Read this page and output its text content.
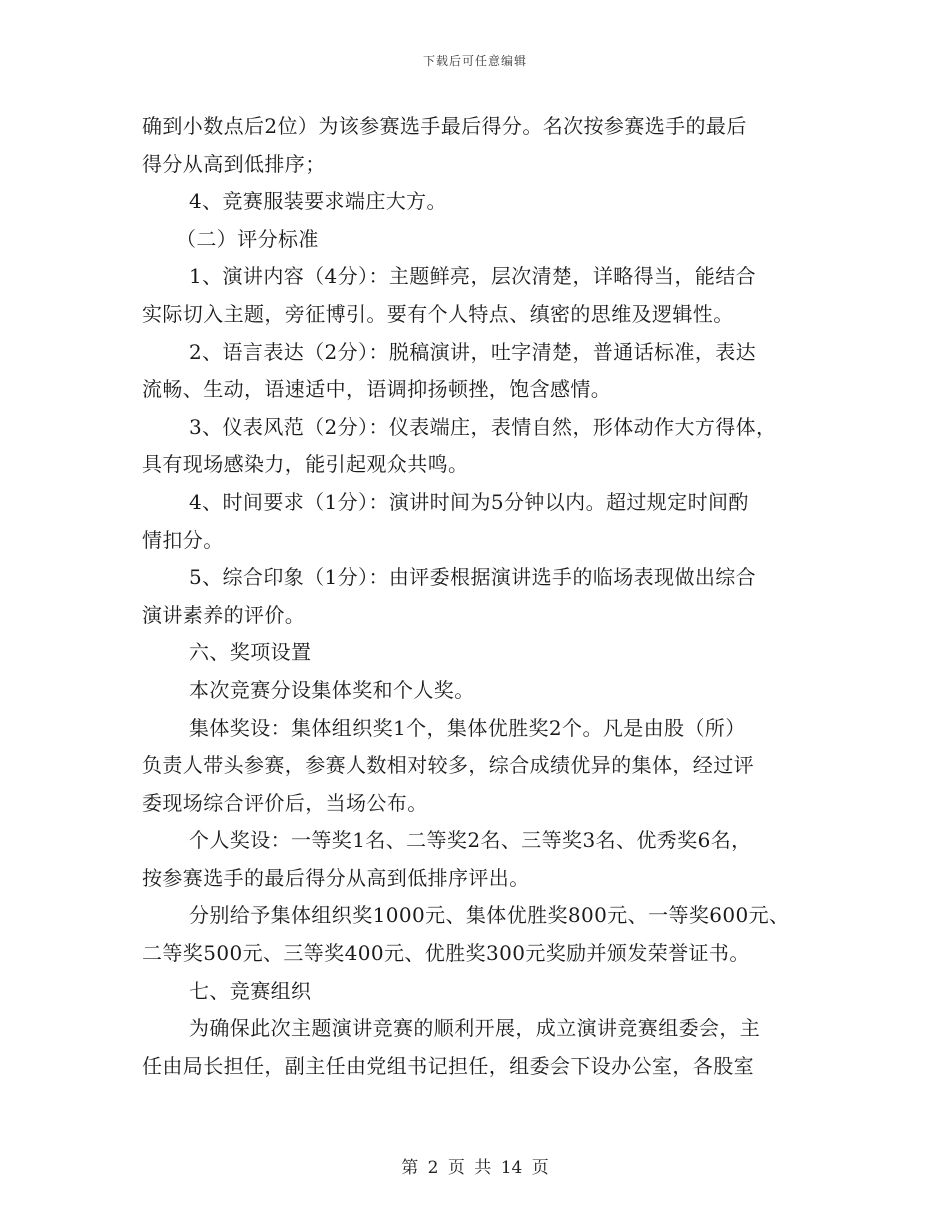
下载后可任意编辑
确到小数点后2位）为该参赛选手最后得分。名次按参赛选手的最后
得分从高到低排序；
4、竞赛服装要求端庄大方。
（二）评分标准
1、演讲内容（4分）：主题鲜亮，层次清楚，详略得当，能结合
实际切入主题，旁征博引。要有个人特点、缜密的思维及逻辑性。
2、语言表达（2分）：脱稿演讲，吐字清楚，普通话标准，表达
流畅、生动，语速适中，语调抑扬顿挫，饱含感情。
3、仪表风范（2分）：仪表端庄，表情自然，形体动作大方得体，
具有现场感染力，能引起观众共鸣。
4、时间要求（1分）：演讲时间为5分钟以内。超过规定时间酌
情扣分。
5、综合印象（1分）：由评委根据演讲选手的临场表现做出综合
演讲素养的评价。
六、奖项设置
本次竞赛分设集体奖和个人奖。
集体奖设：集体组织奖1个，集体优胜奖2个。凡是由股（所）
负责人带头参赛，参赛人数相对较多，综合成绩优异的集体，经过评
委现场综合评价后，当场公布。
个人奖设：一等奖1名、二等奖2名、三等奖3名、优秀奖6名，
按参赛选手的最后得分从高到低排序评出。
分别给予集体组织奖1000元、集体优胜奖800元、一等奖600元、
二等奖500元、三等奖400元、优胜奖300元奖励并颁发荣誉证书。
七、竞赛组织
为确保此次主题演讲竞赛的顺利开展，成立演讲竞赛组委会，主
任由局长担任，副主任由党组书记担任，组委会下设办公室，各股室
第 2 页 共 14 页
